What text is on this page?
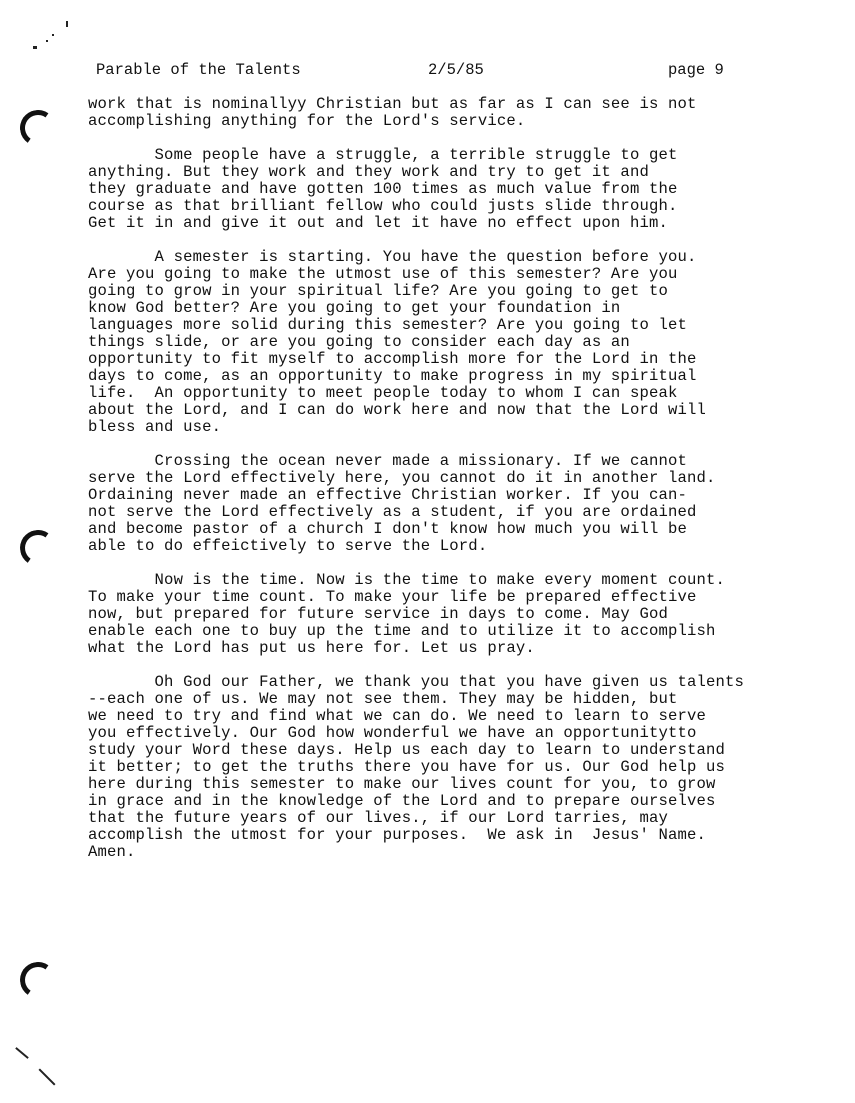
Parable of the Talents	2/5/85	page 9
work that is nominallyy Christian but as far as I can see is not
accomplishing anything for the Lord's service.
Some people have a struggle, a terrible struggle to get
anything. But they work and they work and try to get it and
they graduate and have gotten 100 times as much value from the
course as that brilliant fellow who could justs slide through.
Get it in and give it out and let it have no effect upon him.
A semester is starting. You have the question before you.
Are you going to make the utmost use of this semester? Are you
going to grow in your spiritual life? Are you going to get to
know God better? Are you going to get your foundation in
languages more solid during this semester? Are you going to let
things slide, or are you going to consider each day as an
opportunity to fit myself to accomplish more for the Lord in the
days to come, as an opportunity to make progress in my spiritual
life.  An opportunity to meet people today to whom I can speak
about the Lord, and I can do work here and now that the Lord will
bless and use.
Crossing the ocean never made a missionary. If we cannot
serve the Lord effectively here, you cannot do it in another land.
Ordaining never made an effective Christian worker. If you can-
not serve the Lord effectively as a student, if you are ordained
and become pastor of a church I don't know how much you will be
able to do effeictively to serve the Lord.
Now is the time. Now is the time to make every moment count.
To make your time count. To make your life be prepared effective
now, but prepared for future service in days to come. May God
enable each one to buy up the time and to utilize it to accomplish
what the Lord has put us here for. Let us pray.
Oh God our Father, we thank you that you have given us talents
--each one of us. We may not see them. They may be hidden, but
we need to try and find what we can do. We need to learn to serve
you effectively. Our God how wonderful we have an opportunitytto
study your Word these days. Help us each day to learn to understand
it better; to get the truths there you have for us. Our God help us
here during this semester to make our lives count for you, to grow
in grace and in the knowledge of the Lord and to prepare ourselves
that the future years of our lives., if our Lord tarries, may
accomplish the utmost for your purposes.  We ask in  Jesus' Name.
Amen.
